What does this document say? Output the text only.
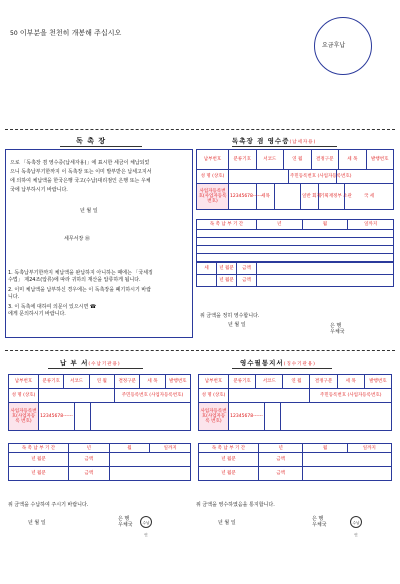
50 이부분을 천천히 개봉해 주십시오
요금후납
독 촉 장
으로 「독촉장 겸 영수증(납세자용)」에 표시한 세금이 체납되었
으니 독촉납부기한까지 이 독촉장 또는 이미 발부받은 납세고지서
에 의하여 체납액을 한국은행 국고(수납)대리점인 은행 또는 우체
국에 납부하시기 바랍니다.
년 월 일
세무서장 ㊞
1. 독촉납부기한까지 체납액을 완납하지 아니하는 때에는 「국세징
수법」 제24조(압류)에 따라 귀하의 재산을 압류하게 됩니다.
2. 이미 체납액을 납부하신 경우에는 이 독촉장을 폐기하시기 바랍
니다.
3. 이 독촉에 대하여 의문이 있으시면 ☎
에게 문의하시기 바랍니다.
독촉장 겸 영수증(납세자용)
납부번호	분류기호	서코드	연 월	결정구분	세 목	발행번호
성 명 (상호)		주민등록번호 (사업자등록번호)	
사업자등록번호(사업자등록 번호)	12345678------	세목		일반 회계	기획재정부 소관	국 세
독 촉 납 부 기 간	년	월	일까지

세	년 월분	금액	
	년 월분	금액	
위 금액을 정히 영수합니다.
년 월 일	은 행
우체국
납 부 서(수납기관용)
납부번호	분류기호	서코드	연 월	결정구분	세 목	발행번호
성 명 (상호)				주민등록번호 (사업자등록번호)		
사업자등록번호(사업자등록 번호)	12345678------		
독 촉 납 부 기 간	년	월	일까지
년 월분	금액		
년 월분	금액		
위 금액을 수납하여 주시기 바랍니다.
년 월 일
은 행
우체국	수납인
영수필통지서(징수기관용)
납부번호	분류기호	서코드	연 월	결정구분	세 목	발행번호
성 명 (상호)				주민등록번호 (사업자등록번호)		
사업자등록번호(사업자등록 번호)	12345678------		
독 촉 납 부 기 간	년	월	일까지
년 월분	금액		
년 월분	금액		
위 금액을 영수하였음을 통지합니다.
년 월 일
은 행
우체국	수납인
